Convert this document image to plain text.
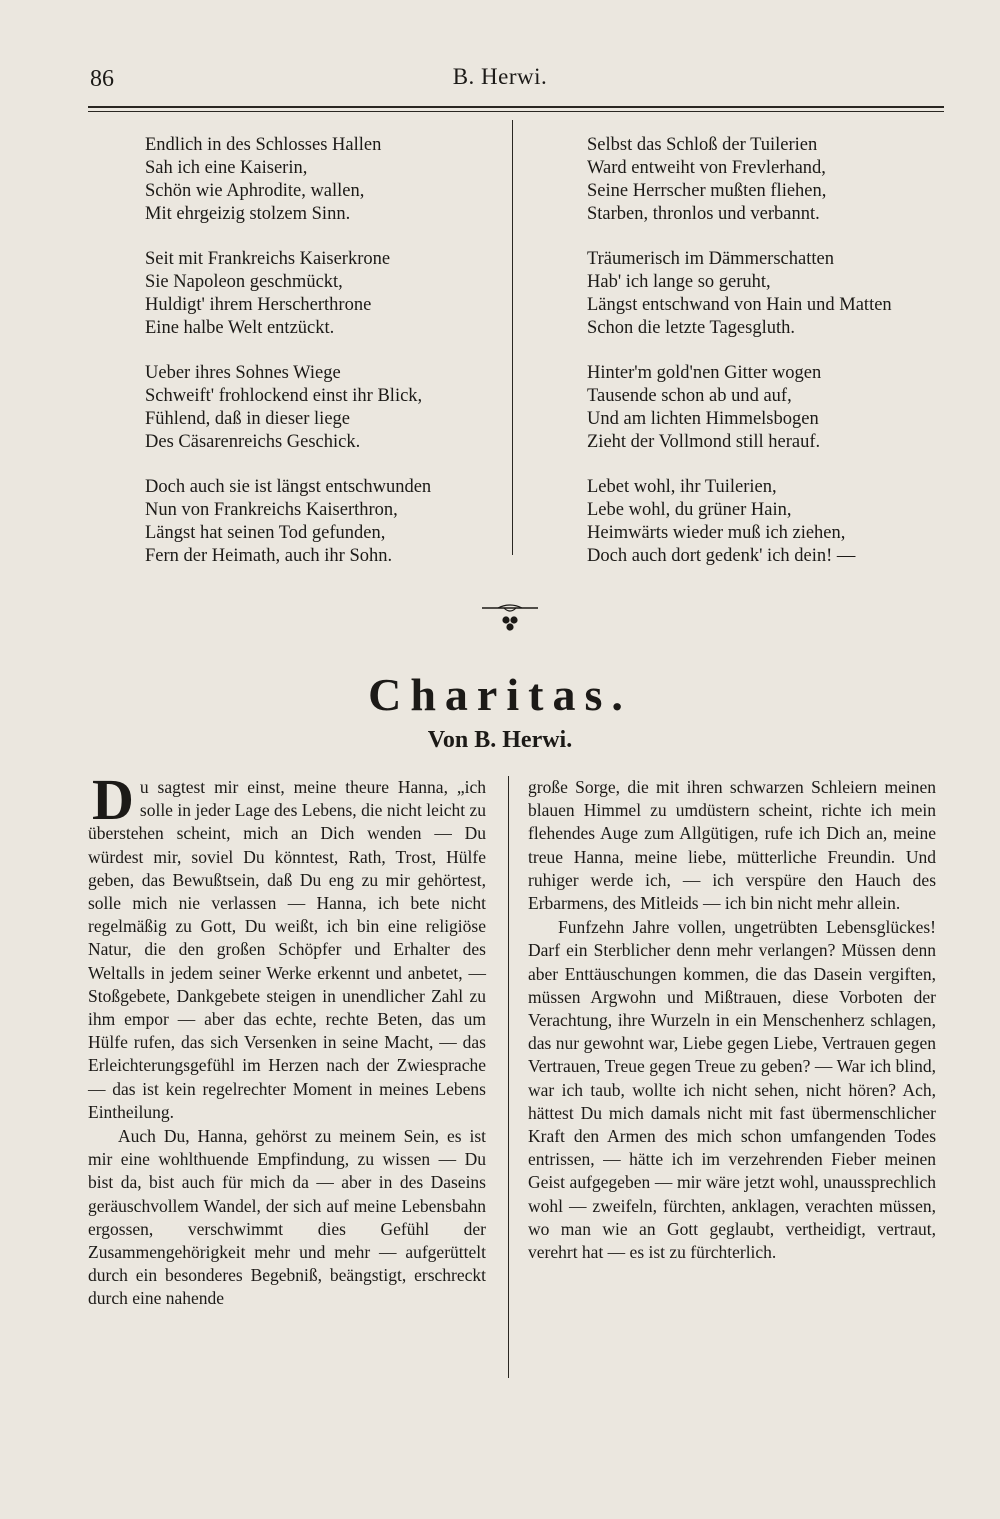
86	B. Herwi.
Endlich in des Schlosses Hallen
Sah ich eine Kaiserin,
Schön wie Aphrodite, wallen,
Mit ehrgeizig stolzem Sinn.
Seit mit Frankreichs Kaiserkrone
Sie Napoleon geschmückt,
Huldigt' ihrem Herscherthrone
Eine halbe Welt entzückt.
Ueber ihres Sohnes Wiege
Schweift' frohlockend einst ihr Blick,
Fühlend, daß in dieser liege
Des Cäsarenreichs Geschick.
Doch auch sie ist längst entschwunden
Nun von Frankreichs Kaiserthron,
Längst hat seinen Tod gefunden,
Fern der Heimath, auch ihr Sohn.
Selbst das Schloß der Tuilerien
Ward entweiht von Frevlerhand,
Seine Herrscher mußten fliehen,
Starben, thronlos und verbannt.
Träumerisch im Dämmerschatten
Hab' ich lange so geruht,
Längst entschwand von Hain und Matten
Schon die letzte Tagesgluth.
Hinter'm gold'nen Gitter wogen
Tausende schon ab und auf,
Und am lichten Himmelsbogen
Zieht der Vollmond still herauf.
Lebet wohl, ihr Tuilerien,
Lebe wohl, du grüner Hain,
Heimwärts wieder muß ich ziehen,
Doch auch dort gedenk' ich dein! —
Charitas.
Von B. Herwi.

Du sagtest mir einst, meine theure Hanna, „ich solle in jeder Lage des Lebens, die nicht leicht zu überstehen scheint, mich an Dich wenden — Du würdest mir, soviel Du könntest, Rath, Trost, Hülfe geben, das Bewußtsein, daß Du eng zu mir gehörtest, solle mich nie verlassen — Hanna, ich bete nicht regelmäßig zu Gott, Du weißt, ich bin eine religiöse Natur, die den großen Schöpfer und Erhalter des Weltalls in jedem seiner Werke erkennt und anbetet, — Stoßgebete, Dankgebete steigen in unendlicher Zahl zu ihm empor — aber das echte, rechte Beten, das um Hülfe rufen, das sich Versenken in seine Macht, — das Erleichterungsgefühl im Herzen nach der Zwiesprache — das ist kein regelrechter Moment in meines Lebens Eintheilung.

Auch Du, Hanna, gehörst zu meinem Sein, es ist mir eine wohlthuende Empfindung, zu wissen — Du bist da, bist auch für mich da — aber in des Daseins geräuschvollem Wandel, der sich auf meine Lebensbahn ergossen, verschwimmt dies Gefühl der Zusammengehörigkeit mehr und mehr — aufgerüttelt durch ein besonderes Begebniß, beängstigt, erschreckt durch eine nahende

große Sorge, die mit ihren schwarzen Schleiern meinen blauen Himmel zu umdüstern scheint, richte ich mein flehendes Auge zum Allgütigen, rufe ich Dich an, meine treue Hanna, meine liebe, mütterliche Freundin. Und ruhiger werde ich, — ich verspüre den Hauch des Erbarmens, des Mitleids — ich bin nicht mehr allein.

Funfzehn Jahre vollen, ungetrübten Lebensglückes! Darf ein Sterblicher denn mehr verlangen? Müssen denn aber Enttäuschungen kommen, die das Dasein vergiften, müssen Argwohn und Mißtrauen, diese Vorboten der Verachtung, ihre Wurzeln in ein Menschenherz schlagen, das nur gewohnt war, Liebe gegen Liebe, Vertrauen gegen Vertrauen, Treue gegen Treue zu geben? — War ich blind, war ich taub, wollte ich nicht sehen, nicht hören? Ach, hättest Du mich damals nicht mit fast übermenschlicher Kraft den Armen des mich schon umfangenden Todes entrissen, — hätte ich im verzehrenden Fieber meinen Geist aufgegeben — mir wäre jetzt wohl, unaussprechlich wohl — zweifeln, fürchten, anklagen, verachten müssen, wo man wie an Gott geglaubt, vertheidigt, vertraut, verehrt hat — es ist zu fürchterlich.
